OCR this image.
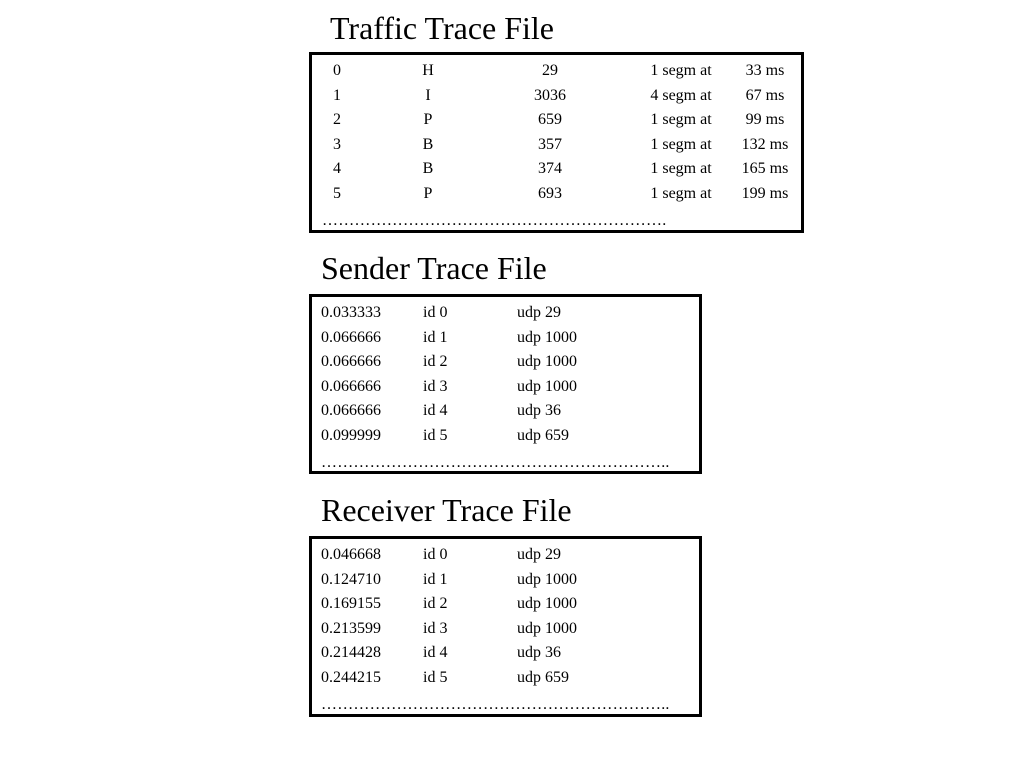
Traffic Trace File
0	H	29	1 segm at 33 ms
1	I	3036	4 segm at 67 ms
2	P	659	1 segm at 99 ms
3	B	357	1 segm at 132 ms
4	B	374	1 segm at 165 ms
5	P	693	1 segm at 199 ms
……………………………………………………….
Sender Trace File
0.033333	id 0	udp 29
0.066666	id 1	udp 1000
0.066666	id 2	udp 1000
0.066666	id 3	udp 1000
0.066666	id 4	udp 36
0.099999	id 5	udp 659
………………………………………………………..
Receiver Trace File
0.046668	id 0	udp 29
0.124710	id 1	udp 1000
0.169155	id 2	udp 1000
0.213599	id 3	udp 1000
0.214428	id 4	udp 36
0.244215	id 5	udp 659
………………………………………………………..
